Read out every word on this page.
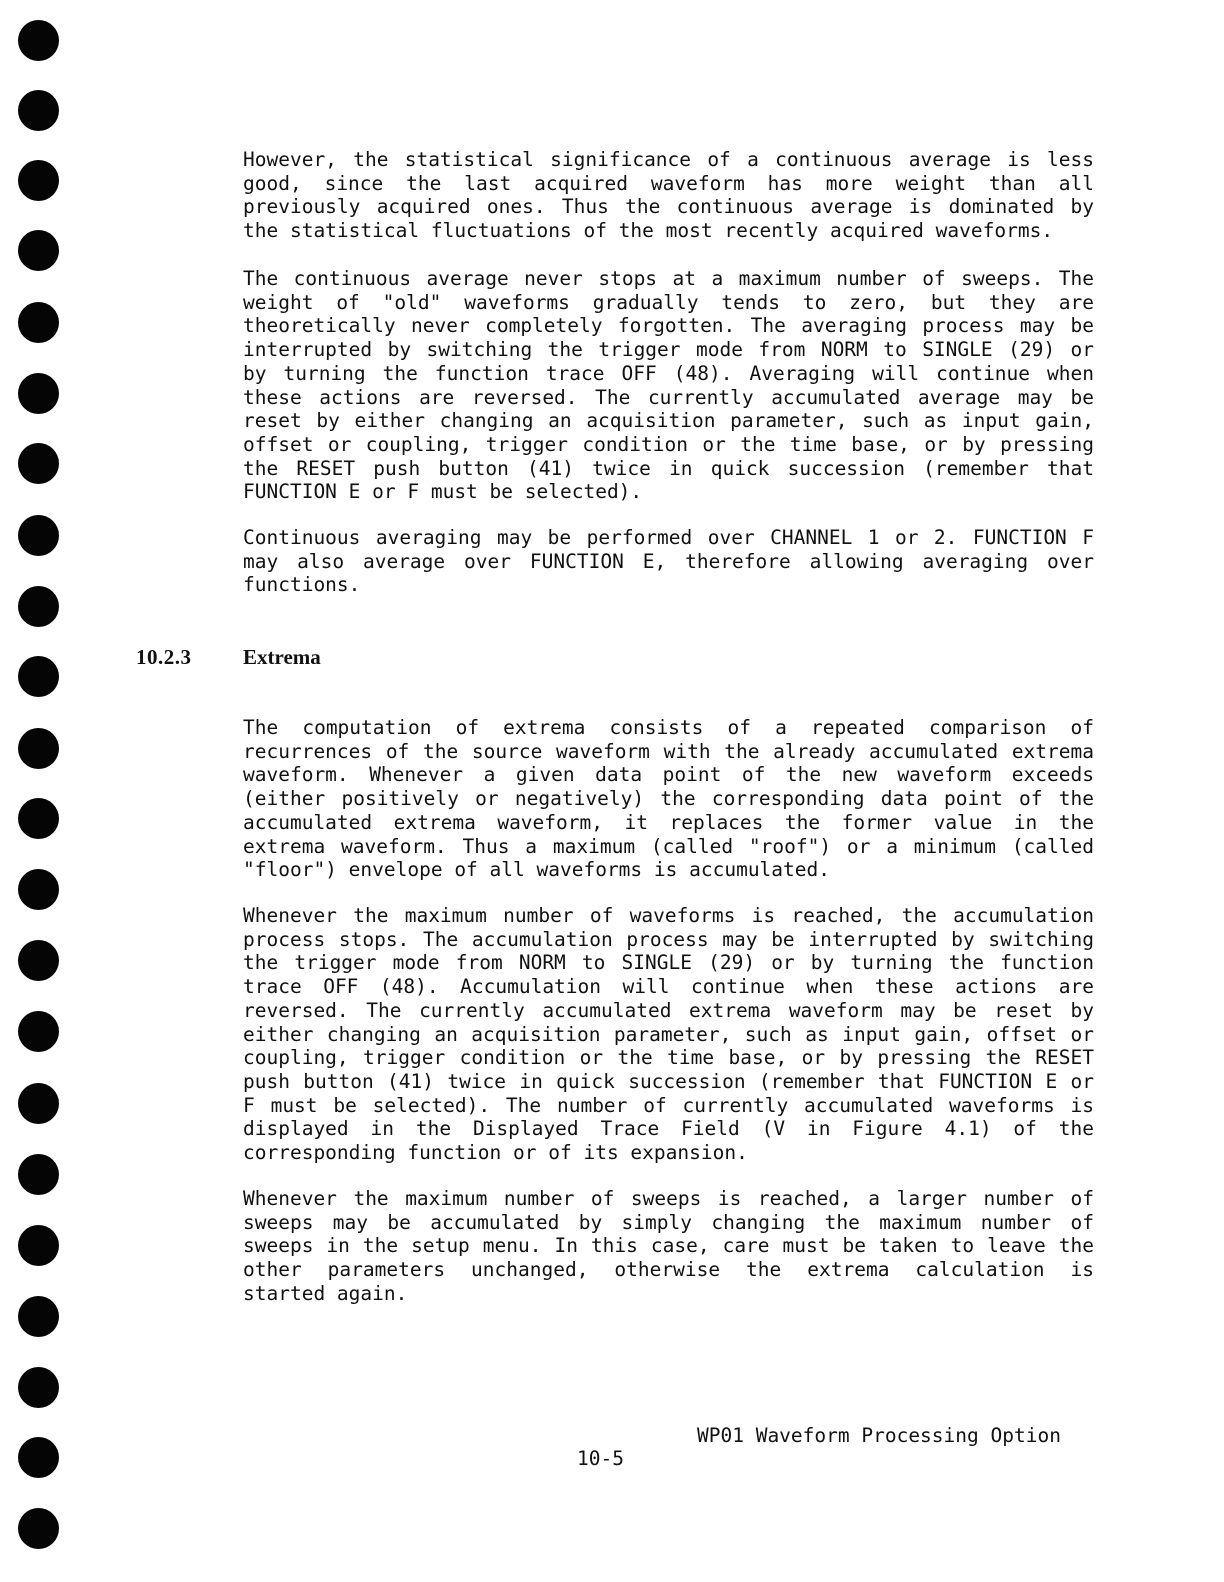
However, the statistical significance of a continuous average is less
good, since the last acquired waveform has more weight than all
previously acquired ones. Thus the continuous average is dominated by
the statistical fluctuations of the most recently acquired waveforms.

The continuous average never stops at a maximum number of sweeps. The
weight of "old" waveforms gradually tends to zero, but they are
theoretically never completely forgotten. The averaging process may be
interrupted by switching the trigger mode from NORM to SINGLE (29) or
by turning the function trace OFF (48). Averaging will continue when
these actions are reversed. The currently accumulated average may be
reset by either changing an acquisition parameter, such as input gain,
offset or coupling, trigger condition or the time base, or by pressing
the RESET push button (41) twice in quick succession (remember that
FUNCTION E or F must be selected).

Continuous averaging may be performed over CHANNEL 1 or 2. FUNCTION F
may also average over FUNCTION E, therefore allowing averaging over
functions.

10.2.3 Extrema

The computation of extrema consists of a repeated comparison of
recurrences of the source waveform with the already accumulated extrema
waveform. Whenever a given data point of the new waveform exceeds
(either positively or negatively) the corresponding data point of the
accumulated extrema waveform, it replaces the former value in the
extrema waveform. Thus a maximum (called "roof") or a minimum (called
"floor") envelope of all waveforms is accumulated.

Whenever the maximum number of waveforms is reached, the accumulation
process stops. The accumulation process may be interrupted by switching
the trigger mode from NORM to SINGLE (29) or by turning the function
trace OFF (48). Accumulation will continue when these actions are
reversed. The currently accumulated extrema waveform may be reset by
either changing an acquisition parameter, such as input gain, offset or
coupling, trigger condition or the time base, or by pressing the RESET
push button (41) twice in quick succession (remember that FUNCTION E or
F must be selected). The number of currently accumulated waveforms is
displayed in the Displayed Trace Field (V in Figure 4.1) of the
corresponding function or of its expansion.

Whenever the maximum number of sweeps is reached, a larger number of
sweeps may be accumulated by simply changing the maximum number of
sweeps in the setup menu. In this case, care must be taken to leave the
other parameters unchanged, otherwise the extrema calculation is
started again.

WP01 Waveform Processing Option
10-5
